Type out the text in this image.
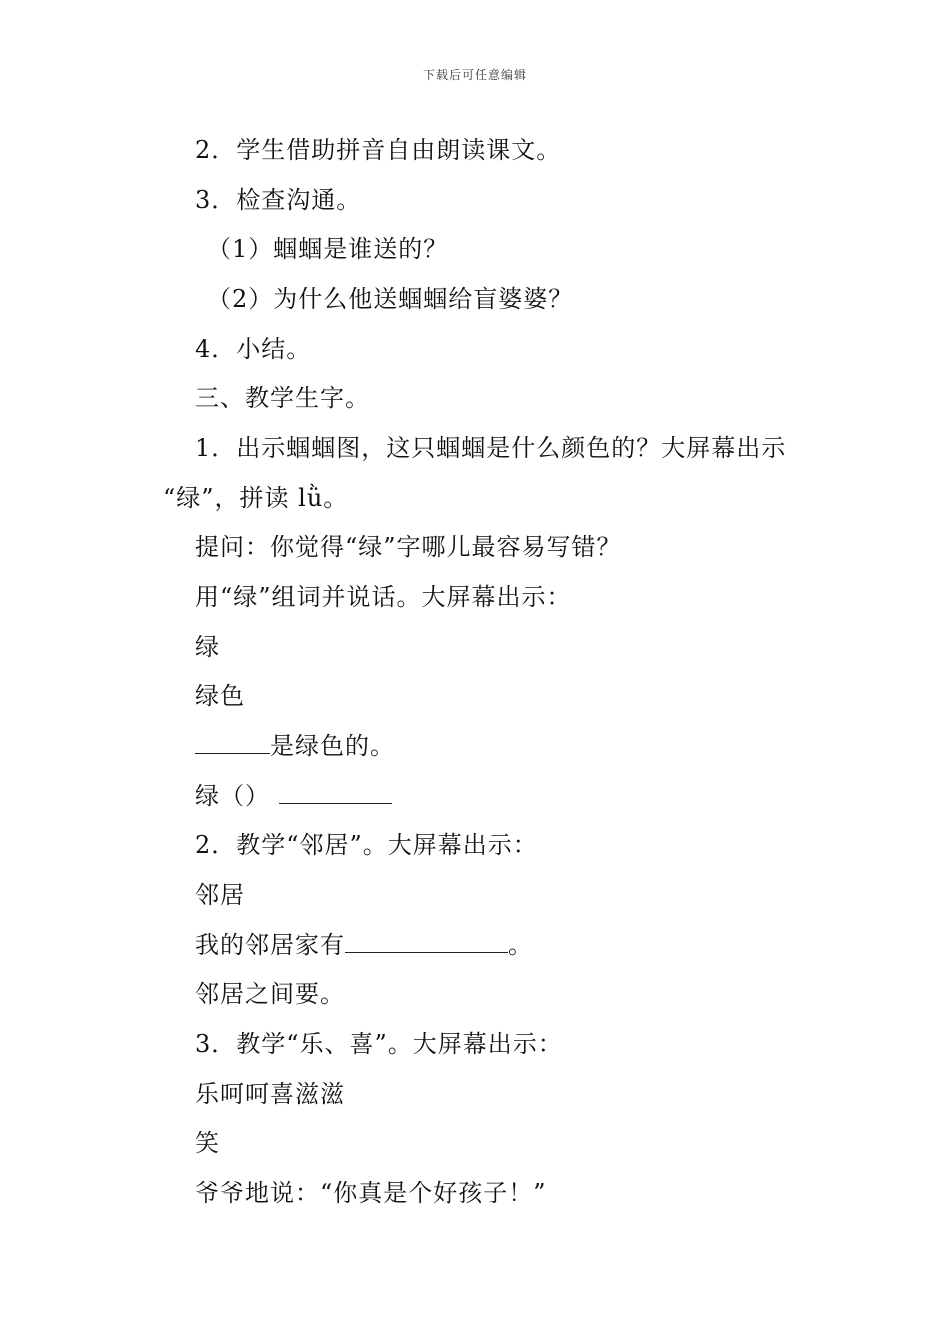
下载后可任意编辑
2．学生借助拼音自由朗读课文。
3．检查沟通。
（1）蝈蝈是谁送的？
（2）为什么他送蝈蝈给盲婆婆？
4．小结。
三、教学生字。
1．出示蝈蝈图，这只蝈蝈是什么颜色的？大屏幕出示
“绿”，拼读 lǜ。
提问：你觉得“绿”字哪儿最容易写错？
用“绿”组词并说话。大屏幕出示：
绿
绿色
是绿色的。
绿（）
2．教学“邻居”。大屏幕出示：
邻居
我的邻居家有	。
邻居之间要。
3．教学“乐、喜”。大屏幕出示：
乐呵呵喜滋滋
笑
爷爷地说：“你真是个好孩子！”
